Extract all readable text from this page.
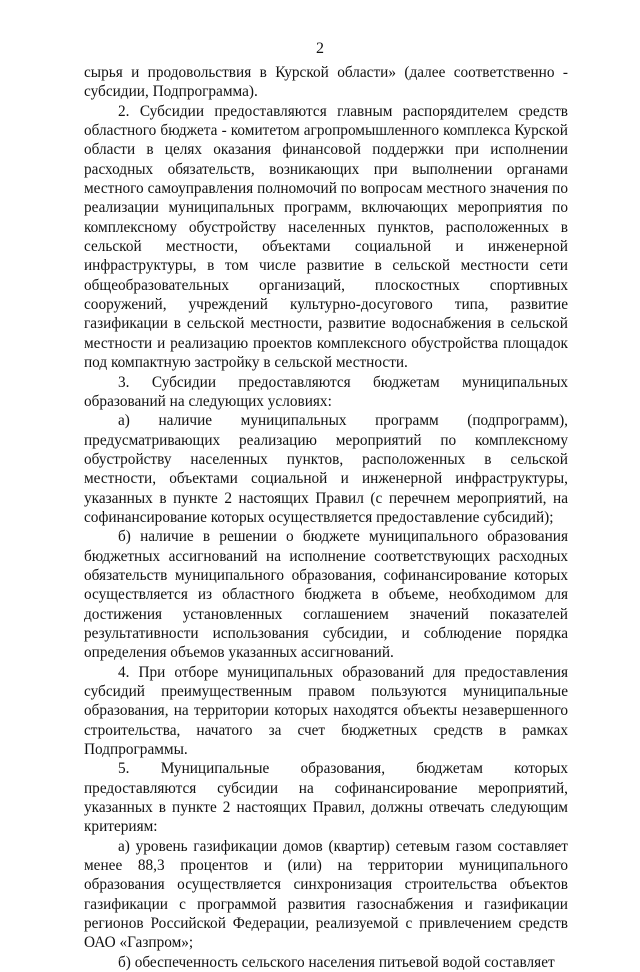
2

сырья и продовольствия в Курской области» (далее соответственно - субсидии, Подпрограмма).

2. Субсидии предоставляются главным распорядителем средств областного бюджета - комитетом агропромышленного комплекса Курской области в целях оказания финансовой поддержки при исполнении расходных обязательств, возникающих при выполнении органами местного самоуправления полномочий по вопросам местного значения по реализации муниципальных программ, включающих мероприятия по комплексному обустройству населенных пунктов, расположенных в сельской местности, объектами социальной и инженерной инфраструктуры, в том числе развитие в сельской местности сети общеобразовательных организаций, плоскостных спортивных сооружений, учреждений культурно-досугового типа, развитие газификации в сельской местности, развитие водоснабжения в сельской местности и реализацию проектов комплексного обустройства площадок под компактную застройку в сельской местности.

3. Субсидии предоставляются бюджетам муниципальных образований на следующих условиях:

а) наличие муниципальных программ (подпрограмм), предусматривающих реализацию мероприятий по комплексному обустройству населенных пунктов, расположенных в сельской местности, объектами социальной и инженерной инфраструктуры, указанных в пункте 2 настоящих Правил (с перечнем мероприятий, на софинансирование которых осуществляется предоставление субсидий);

б) наличие в решении о бюджете муниципального образования бюджетных ассигнований на исполнение соответствующих расходных обязательств муниципального образования, софинансирование которых осуществляется из областного бюджета в объеме, необходимом для достижения установленных соглашением значений показателей результативности использования субсидии, и соблюдение порядка определения объемов указанных ассигнований.

4. При отборе муниципальных образований для предоставления субсидий преимущественным правом пользуются муниципальные образования, на территории которых находятся объекты незавершенного строительства, начатого за счет бюджетных средств в рамках Подпрограммы.

5. Муниципальные образования, бюджетам которых предоставляются субсидии на софинансирование мероприятий, указанных в пункте 2 настоящих Правил, должны отвечать следующим критериям:

а) уровень газификации домов (квартир) сетевым газом составляет менее 88,3 процентов и (или) на территории муниципального образования осуществляется синхронизация строительства объектов газификации с программой развития газоснабжения и газификации регионов Российской Федерации, реализуемой с привлечением средств ОАО «Газпром»;

б) обеспеченность сельского населения питьевой водой составляет
